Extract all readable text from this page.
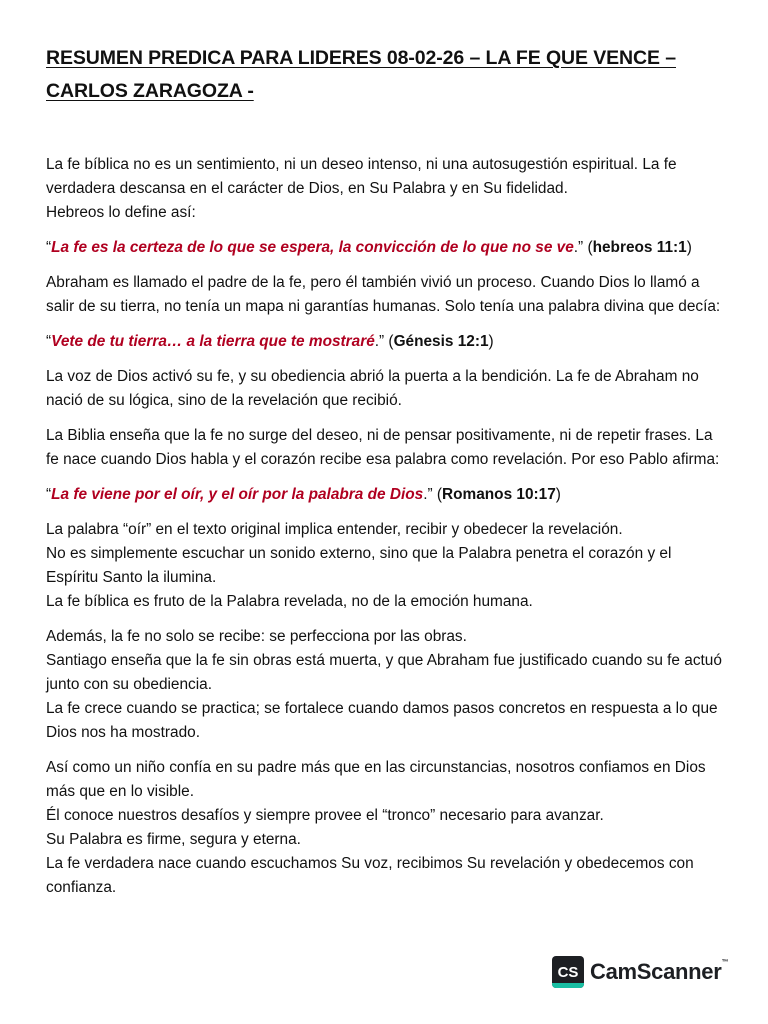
RESUMEN PREDICA PARA LIDERES 08-02-26 – LA FE QUE VENCE – CARLOS ZARAGOZA -

La fe bíblica no es un sentimiento, ni un deseo intenso, ni una autosugestión espiritual. La fe verdadera descansa en el carácter de Dios, en Su Palabra y en Su fidelidad.
Hebreos lo define así:

“La fe es la certeza de lo que se espera, la convicción de lo que no se ve.” (hebreos 11:1)

Abraham es llamado el padre de la fe, pero él también vivió un proceso. Cuando Dios lo llamó a salir de su tierra, no tenía un mapa ni garantías humanas. Solo tenía una palabra divina que decía:

“Vete de tu tierra… a la tierra que te mostraré.” (Génesis 12:1)

La voz de Dios activó su fe, y su obediencia abrió la puerta a la bendición. La fe de Abraham no nació de su lógica, sino de la revelación que recibió.

La Biblia enseña que la fe no surge del deseo, ni de pensar positivamente, ni de repetir frases. La fe nace cuando Dios habla y el corazón recibe esa palabra como revelación. Por eso Pablo afirma:

“La fe viene por el oír, y el oír por la palabra de Dios.” (Romanos 10:17)

La palabra “oír” en el texto original implica entender, recibir y obedecer la revelación.
No es simplemente escuchar un sonido externo, sino que la Palabra penetra el corazón y el Espíritu Santo la ilumina.
La fe bíblica es fruto de la Palabra revelada, no de la emoción humana.

Además, la fe no solo se recibe: se perfecciona por las obras.
Santiago enseña que la fe sin obras está muerta, y que Abraham fue justificado cuando su fe actuó junto con su obediencia.
La fe crece cuando se practica; se fortalece cuando damos pasos concretos en respuesta a lo que Dios nos ha mostrado.

Así como un niño confía en su padre más que en las circunstancias, nosotros confiamos en Dios más que en lo visible.
Él conoce nuestros desafíos y siempre provee el “tronco” necesario para avanzar.
Su Palabra es firme, segura y eterna.
La fe verdadera nace cuando escuchamos Su voz, recibimos Su revelación y obedecemos con confianza.

CS CamScanner™
